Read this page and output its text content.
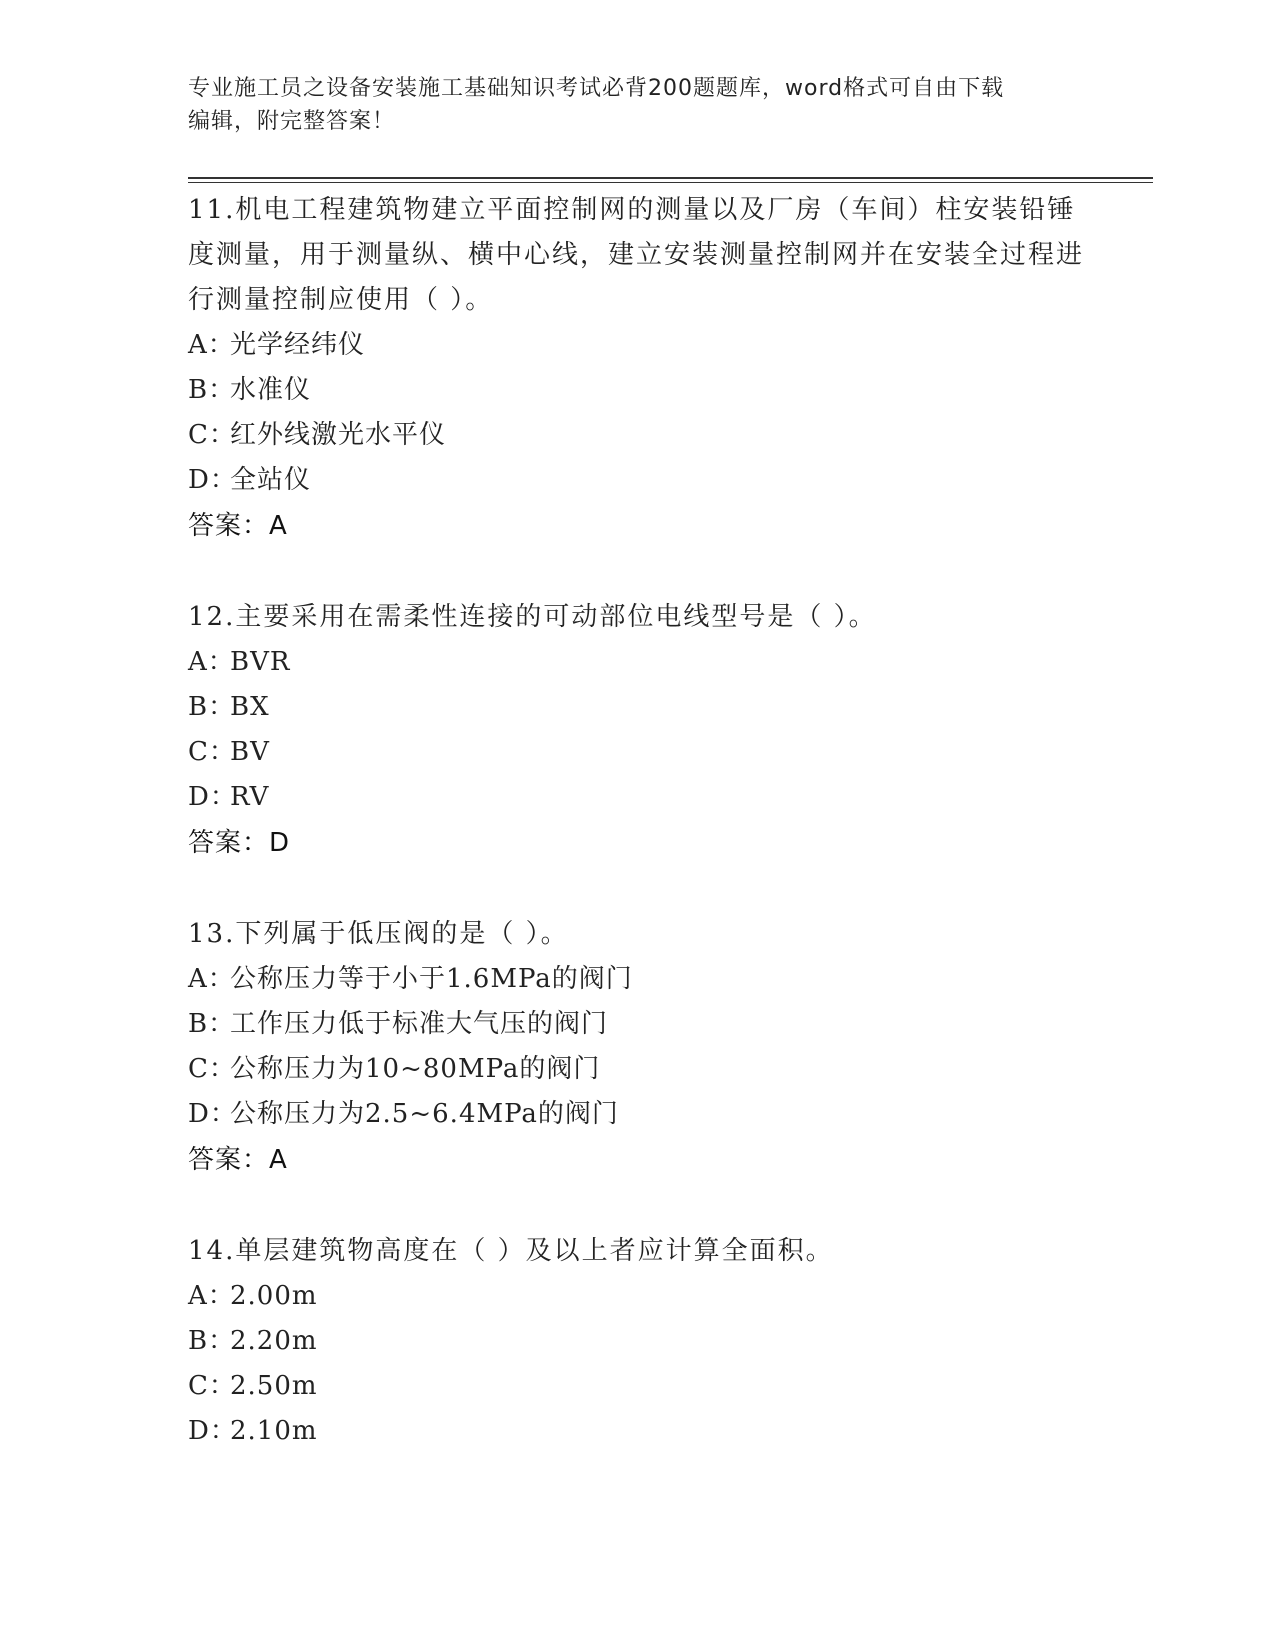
专业施工员之设备安装施工基础知识考试必背200题题库，word格式可自由下载
编辑，附完整答案！
11.机电工程建筑物建立平面控制网的测量以及厂房（车间）柱安装铅锤度测量，用于测量纵、横中心线，建立安装测量控制网并在安装全过程进行测量控制应使用（ ）。
A：光学经纬仪
B：水准仪
C：红外线激光水平仪
D：全站仪
答案：A
12.主要采用在需柔性连接的可动部位电线型号是（ ）。
A：BVR
B：BX
C：BV
D：RV
答案：D
13.下列属于低压阀的是（ ）。
A：公称压力等于小于1.6MPa的阀门
B：工作压力低于标准大气压的阀门
C：公称压力为10~80MPa的阀门
D：公称压力为2.5~6.4MPa的阀门
答案：A
14.单层建筑物高度在（ ）及以上者应计算全面积。
A：2.00m
B：2.20m
C：2.50m
D：2.10m
